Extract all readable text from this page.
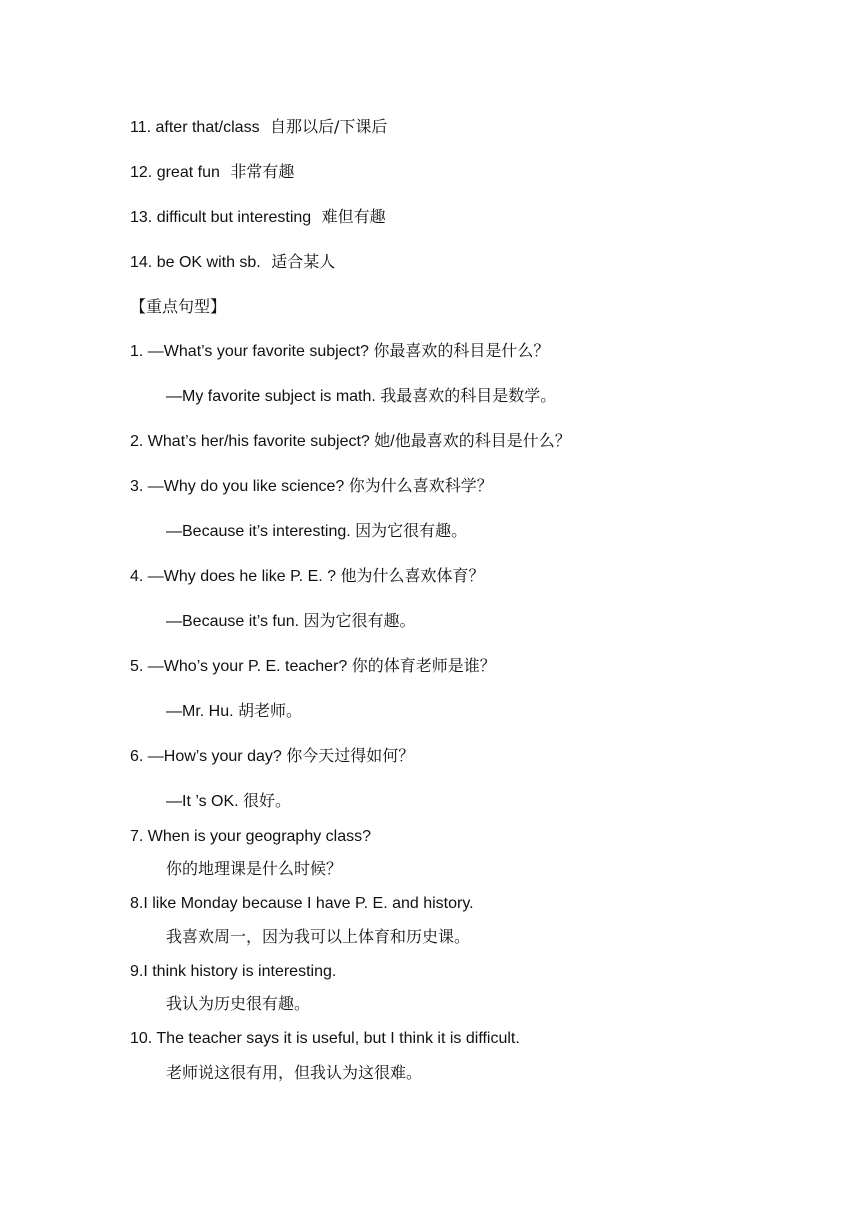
11. after that/class 自那以后/下课后
12. great fun 非常有趣
13. difficult but interesting 难但有趣
14. be OK with sb. 适合某人
【重点句型】
1. —What’s your favorite subject? 你最喜欢的科目是什么？
—My favorite subject is math. 我最喜欢的科目是数学。
2. What’s her/his favorite subject? 她/他最喜欢的科目是什么？
3. —Why do you like science? 你为什么喜欢科学？
—Because it’s interesting. 因为它很有趣。
4. —Why does he like P. E. ? 他为什么喜欢体育？
—Because it’s fun. 因为它很有趣。
5. —Who’s your P. E. teacher? 你的体育老师是谁？
—Mr. Hu. 胡老师。
6. —How’s your day? 你今天过得如何？
—It ’s OK. 很好。
7. When is your geography class?
你的地理课是什么时候？
8.I like Monday because I have P. E. and history.
我喜欢周一，因为我可以上体育和历史课。
9.I think history is interesting.
我认为历史很有趣。
10. The teacher says it is useful, but I think it is difficult.
老师说这很有用，但我认为这很难。
